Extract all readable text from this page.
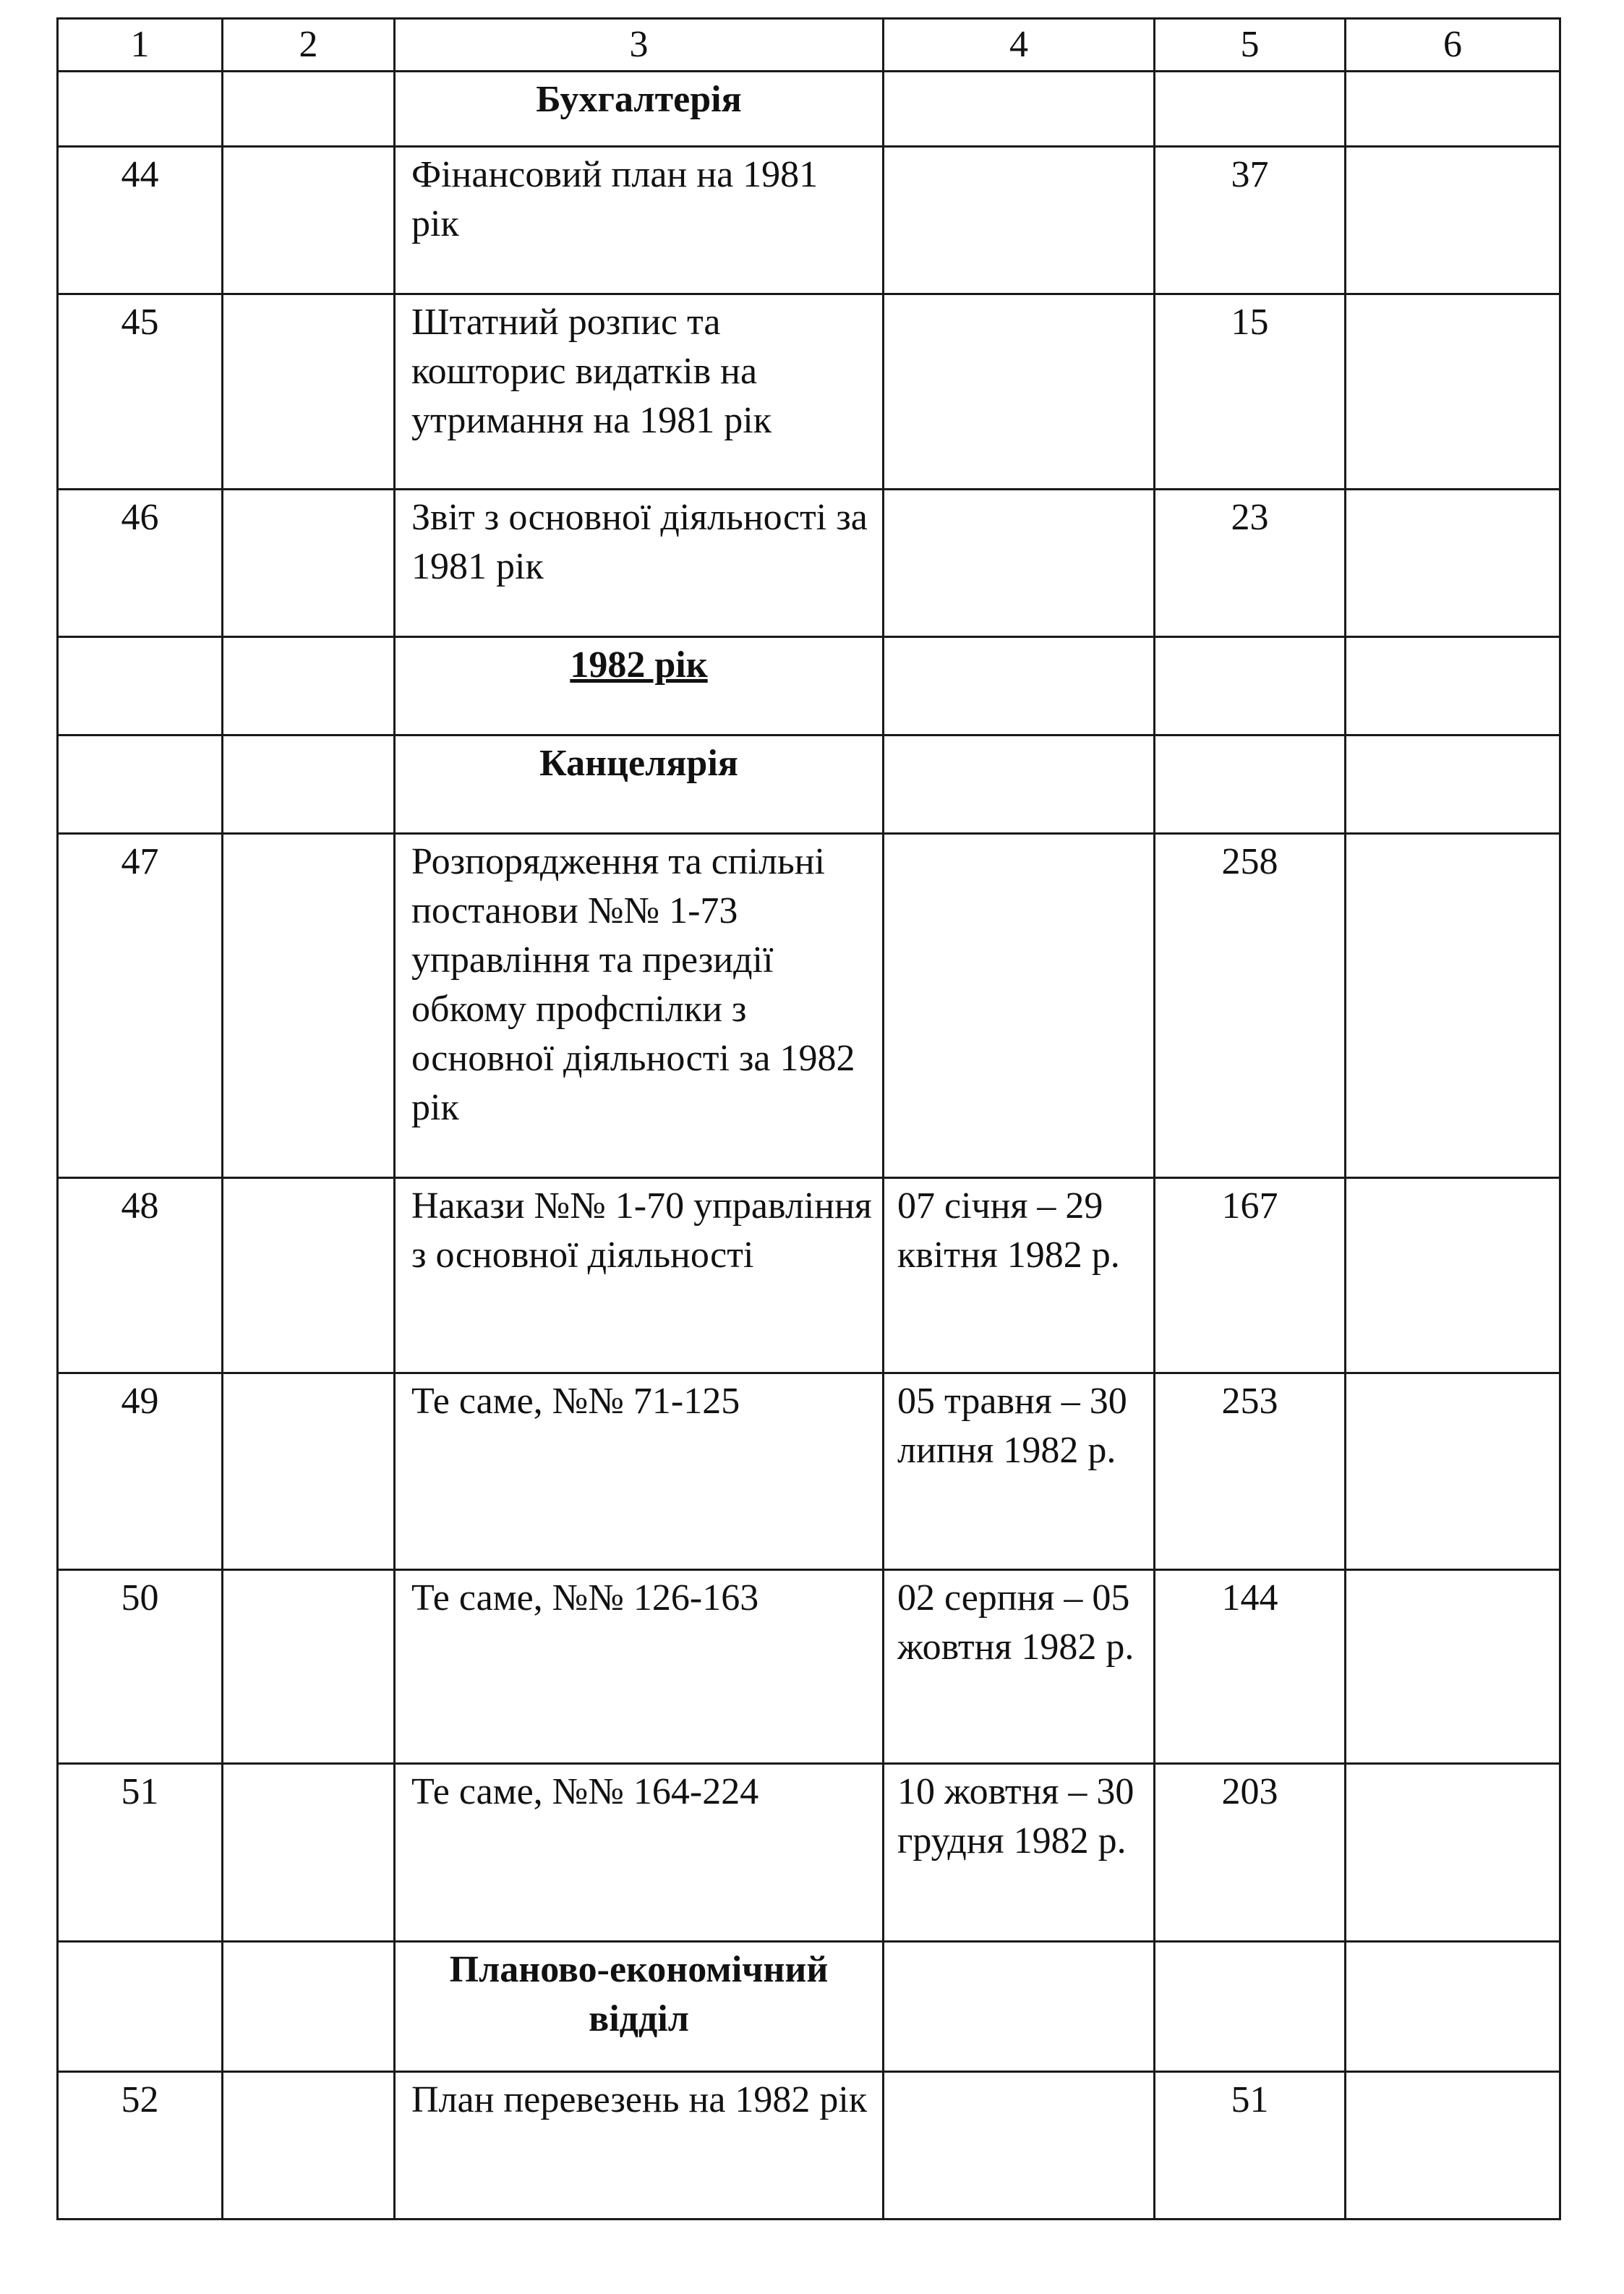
1	2	3	4	5	6
		Бухгалтерія			
44		Фінансовий план на 1981 рік		37	
45		Штатний розпис та кошторис видатків на утримання на 1981 рік		15	
46		Звіт з основної діяльності за 1981 рік		23	
		1982 рік			
		Канцелярія			
47		Розпорядження та спільні постанови №№ 1-73 управління та президії обкому профспілки з основної діяльності за 1982 рік		258	
48		Накази №№ 1-70 управління з основної діяльності	07 січня – 29 квітня 1982 р.	167	
49		Те саме, №№ 71-125	05 травня – 30 липня 1982 р.	253	
50		Те саме, №№ 126-163	02 серпня – 05 жовтня 1982 р.	144	
51		Те саме, №№ 164-224	10 жовтня – 30 грудня 1982 р.	203	
		Планово-економічний відділ			
52		План перевезень на 1982 рік		51	
